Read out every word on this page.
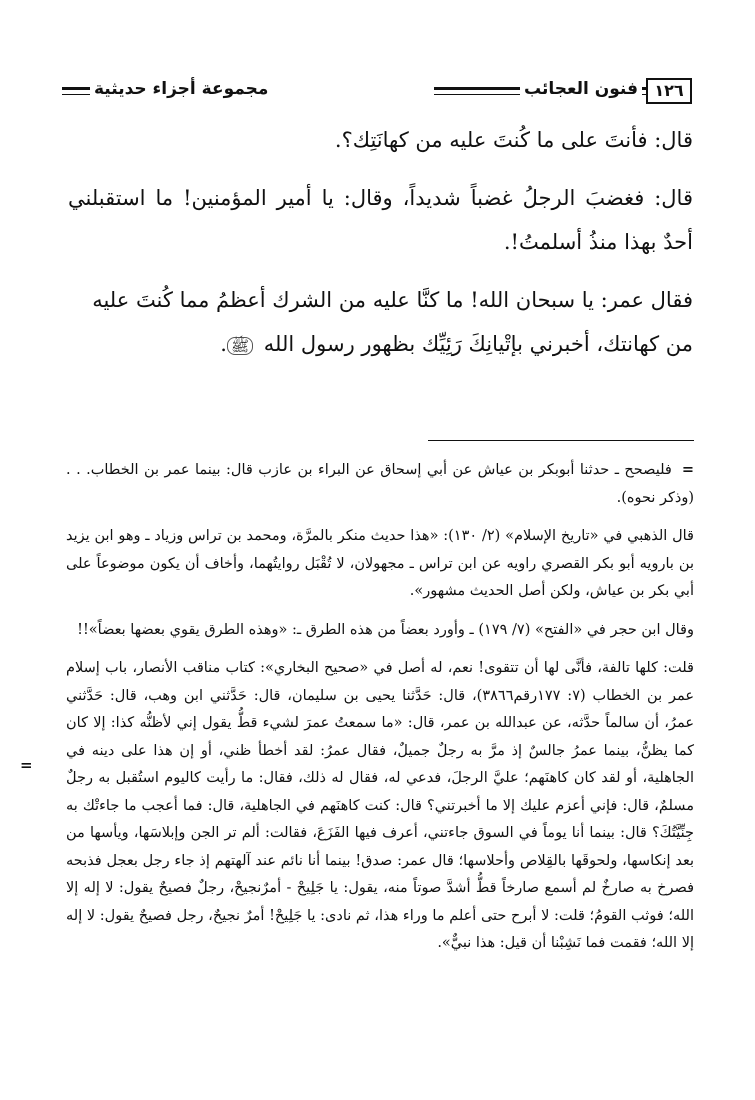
١٢٦
فنون العجائب
مجموعة أجزاء حديثية

قال: فأنتَ على ما كُنتَ عليه من كهانَتِك؟.

قال: فغضبَ الرجلُ غضباً شديداً، وقال: يا أمير المؤمنين! ما استقبلني أحدٌ بهذا منذُ أسلمتُ!.

فقال عمر: يا سبحان الله! ما كنَّا عليه من الشرك أعظمُ مما كُنتَ عليه من كهانتك، أخبرني بإتْيانِكَ رَئِيِّك بظهور رسول الله ﷺ.

=فليصحح ـ حدثنا أبوبكر بن عياش عن أبي إسحاق عن البراء بن عازب قال: بينما عمر بن الخطاب. . .(وذكر نحوه).

قال الذهبي في «تاريخ الإسلام» (٢/ ١٣٠): «هذا حديث منكر بالمرَّة، ومحمد بن تراس وزياد ـ وهو ابن يزيد بن بارويه أبو بكر القصري راويه عن ابن تراس ـ مجهولان، لا تُقْبَل روايتُهما، وأخاف أن يكون موضوعاً على أبي بكر بن عياش، ولكن أصل الحديث مشهور».

وقال ابن حجر في «الفتح» (٧/ ١٧٩) ـ وأورد بعضاً من هذه الطرق ـ: «وهذه الطرق يقوي بعضها بعضاً»!!

قلت: كلها تالفة، فأنَّى لها أن تتقوى! نعم، له أصل في «صحيح البخاري»: كتاب مناقب الأنصار، باب إسلام عمر بن الخطاب (٧: ١٧٧رقم٣٨٦٦)، قال: حَدَّثنا يحيى بن سليمان، قال: حَدَّثني ابن وهب، قال: حَدَّثني عمرُ، أن سالماً حدَّثه، عن عبدالله بن عمر، قال: «ما سمعتُ عمرَ لشيء قطُّ يقول إني لأظنُّه كذا: إلا كان كما يظنُّ، بينما عمرُ جالسٌ إذ مرَّ به رجلٌ جميلٌ، فقال عمرُ: لقد أخطأ ظني، أو إن هذا على دينه في الجاهلية، أو لقد كان كاهنَهم؛ عليَّ الرجلَ، فدعي له، فقال له ذلك، فقال: ما رأيت كاليوم استُقبل به رجلٌ مسلمٌ، قال: فإني أعزم عليك إلا ما أخبرتني؟ قال: كنت كاهنَهم في الجاهلية، قال: فما أعجب ما جاءتْك به جِنِّيَّتُكَ؟ قال: بينما أنا يوماً في السوق جاءتني، أعرف فيها الفَزَعَ، فقالت: ألم تر الجن وإبلاسَها، ويأسها من بعد إنكاسها، ولحوقَها بالقِلاص وأحلاسها؛ قال عمر: صدق! بينما أنا نائم عند آلهتهم إذ جاء رجل بعجل فذبحه فصرخ به صارخٌ لم أسمع صارخاً قطُّ أشدَّ صوتاً منه، يقول: يا جَلِيحْ - أمرٌنجيحْ، رجلٌ فصيحٌ يقول: لا إله إلا الله؛ فوثب القومُ؛ قلت: لا أبرح حتى أعلم ما وراء هذا، ثم نادى: يا جَلِيحْ! أمرٌ نجيحٌ، رجل فصيحٌ يقول: لا إله إلا الله؛ فقمت فما نَشِبْنا أن قيل: هذا نبيٌّ».

=
